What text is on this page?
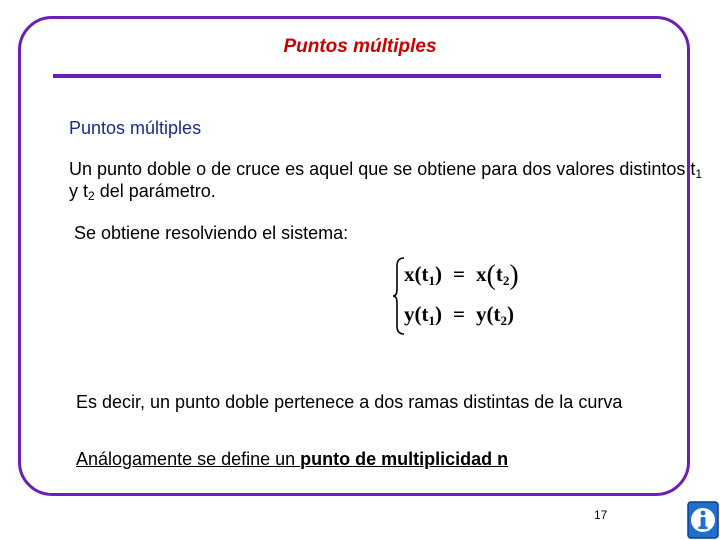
Puntos múltiples
Puntos múltiples
Un punto doble o de cruce es aquel que se obtiene para dos valores distintos $t_1$ y $t_2$ del parámetro.
Se obtiene resolviendo el sistema:
$x(t_1) = x(t_2)$
$y(t_1) = y(t_2)$
Es decir, un punto doble pertenece a dos ramas distintas de la curva
Análogamente se define un punto de multiplicidad n
17
